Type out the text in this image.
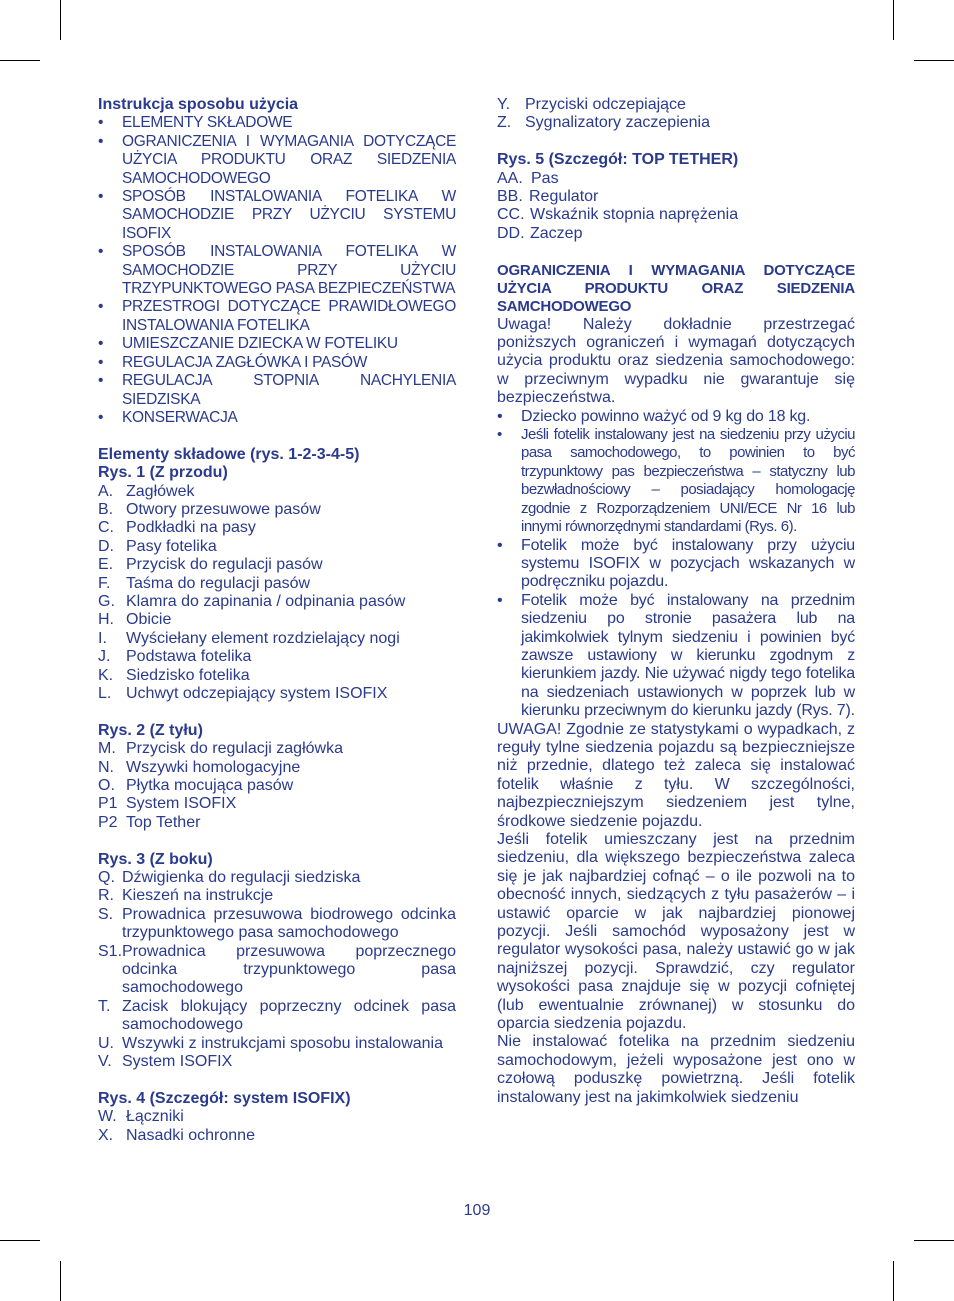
Instrukcja sposobu użycia
• ELEMENTY SKŁADOWE
• OGRANICZENIA I WYMAGANIA DOTYCZĄCE UŻYCIA PRODUKTU ORAZ SIEDZENIA SAMOCHODOWEGO
• SPOSÓB INSTALOWANIA FOTELIKA W SAMOCHODZIE PRZY UŻYCIU SYSTEMU ISOFIX
• SPOSÓB INSTALOWANIA FOTELIKA W SAMOCHODZIE PRZY UŻYCIU TRZYPUNKTOWEGO PASA BEZPIECZEŃSTWA
• PRZESTROGI DOTYCZĄCE PRAWIDŁOWEGO INSTALOWANIA FOTELIKA
• UMIESZCZANIE DZIECKA W FOTELIKU
• REGULACJA ZAGŁÓWKA I PASÓW
• REGULACJA STOPNIA NACHYLENIA SIEDZISKA
• KONSERWACJA
Elementy składowe (rys. 1-2-3-4-5)
Rys. 1 (Z przodu)
A. Zagłówek
B. Otwory przesuwowe pasów
C. Podkładki na pasy
D. Pasy fotelika
E. Przycisk do regulacji pasów
F. Taśma do regulacji pasów
G. Klamra do zapinania / odpinania pasów
H. Obicie
I. Wyściełany element rozdzielający nogi
J. Podstawa fotelika
K. Siedzisko fotelika
L. Uchwyt odczepiający system ISOFIX
Rys. 2 (Z tyłu)
M. Przycisk do regulacji zagłówka
N. Wszywki homologacyjne
O. Płytka mocująca pasów
P1 System ISOFIX
P2 Top Tether
Rys. 3 (Z boku)
Q. Dźwigienka do regulacji siedziska
R. Kieszeń na instrukcje
S. Prowadnica przesuwowa biodrowego odcinka trzypunktowego pasa samochodowego
S1. Prowadnica przesuwowa poprzecznego odcinka trzypunktowego pasa samochodowego
T. Zacisk blokujący poprzeczny odcinek pasa samochodowego
U. Wszywki z instrukcjami sposobu instalowania
V. System ISOFIX
Rys. 4 (Szczegół: system ISOFIX)
W. Łączniki
X. Nasadki ochronne
Y. Przyciski odczepiające
Z. Sygnalizatory zaczepienia
Rys. 5 (Szczegół: TOP TETHER)
AA. Pas
BB. Regulator
CC. Wskaźnik stopnia naprężenia
DD. Zaczep
OGRANICZENIA I WYMAGANIA DOTYCZĄCE UŻYCIA PRODUKTU ORAZ SIEDZENIA SAMCHODOWEGO

Uwaga! Należy dokładnie przestrzegać poniższych ograniczeń i wymagań dotyczących użycia produktu oraz siedzenia samochodowego: w przeciwnym wypadku nie gwarantuje się bezpieczeństwa.

• Dziecko powinno ważyć od 9 kg do 18 kg.
• Jeśli fotelik instalowany jest na siedzeniu przy użyciu pasa samochodowego, to powinien to być trzypunktowy pas bezpieczeństwa – statyczny lub bezwładnościowy – posiadający homologację zgodnie z Rozporządzeniem UNI/ECE Nr 16 lub innymi równorzędnymi standardami (Rys. 6).
• Fotelik może być instalowany przy użyciu systemu ISOFIX w pozycjach wskazanych w podręczniku pojazdu.
• Fotelik może być instalowany na przednim siedzeniu po stronie pasażera lub na jakimkolwiek tylnym siedzeniu i powinien być zawsze ustawiony w kierunku zgodnym z kierunkiem jazdy. Nie używać nigdy tego fotelika na siedzeniach ustawionych w poprzek lub w kierunku przeciwnym do kierunku jazdy (Rys. 7).

UWAGA! Zgodnie ze statystykami o wypadkach, z reguły tylne siedzenia pojazdu są bezpieczniejsze niż przednie, dlatego też zaleca się instalować fotelik właśnie z tyłu. W szczególności, najbezpieczniejszym siedzeniem jest tylne, środkowe siedzenie pojazdu.

Jeśli fotelik umieszczany jest na przednim siedzeniu, dla większego bezpieczeństwa zaleca się je jak najbardziej cofnąć – o ile pozwoli na to obecność innych, siedzących z tyłu pasażerów – i ustawić oparcie w jak najbardziej pionowej pozycji. Jeśli samochód wyposażony jest w regulator wysokości pasa, należy ustawić go w jak najniższej pozycji. Sprawdzić, czy regulator wysokości pasa znajduje się w pozycji cofniętej (lub ewentualnie zrównanej) w stosunku do oparcia siedzenia pojazdu.

Nie instalować fotelika na przednim siedzeniu samochodowym, jeżeli wyposażone jest ono w czołową poduszkę powietrzną. Jeśli fotelik instalowany jest na jakimkolwiek siedzeniu

109
